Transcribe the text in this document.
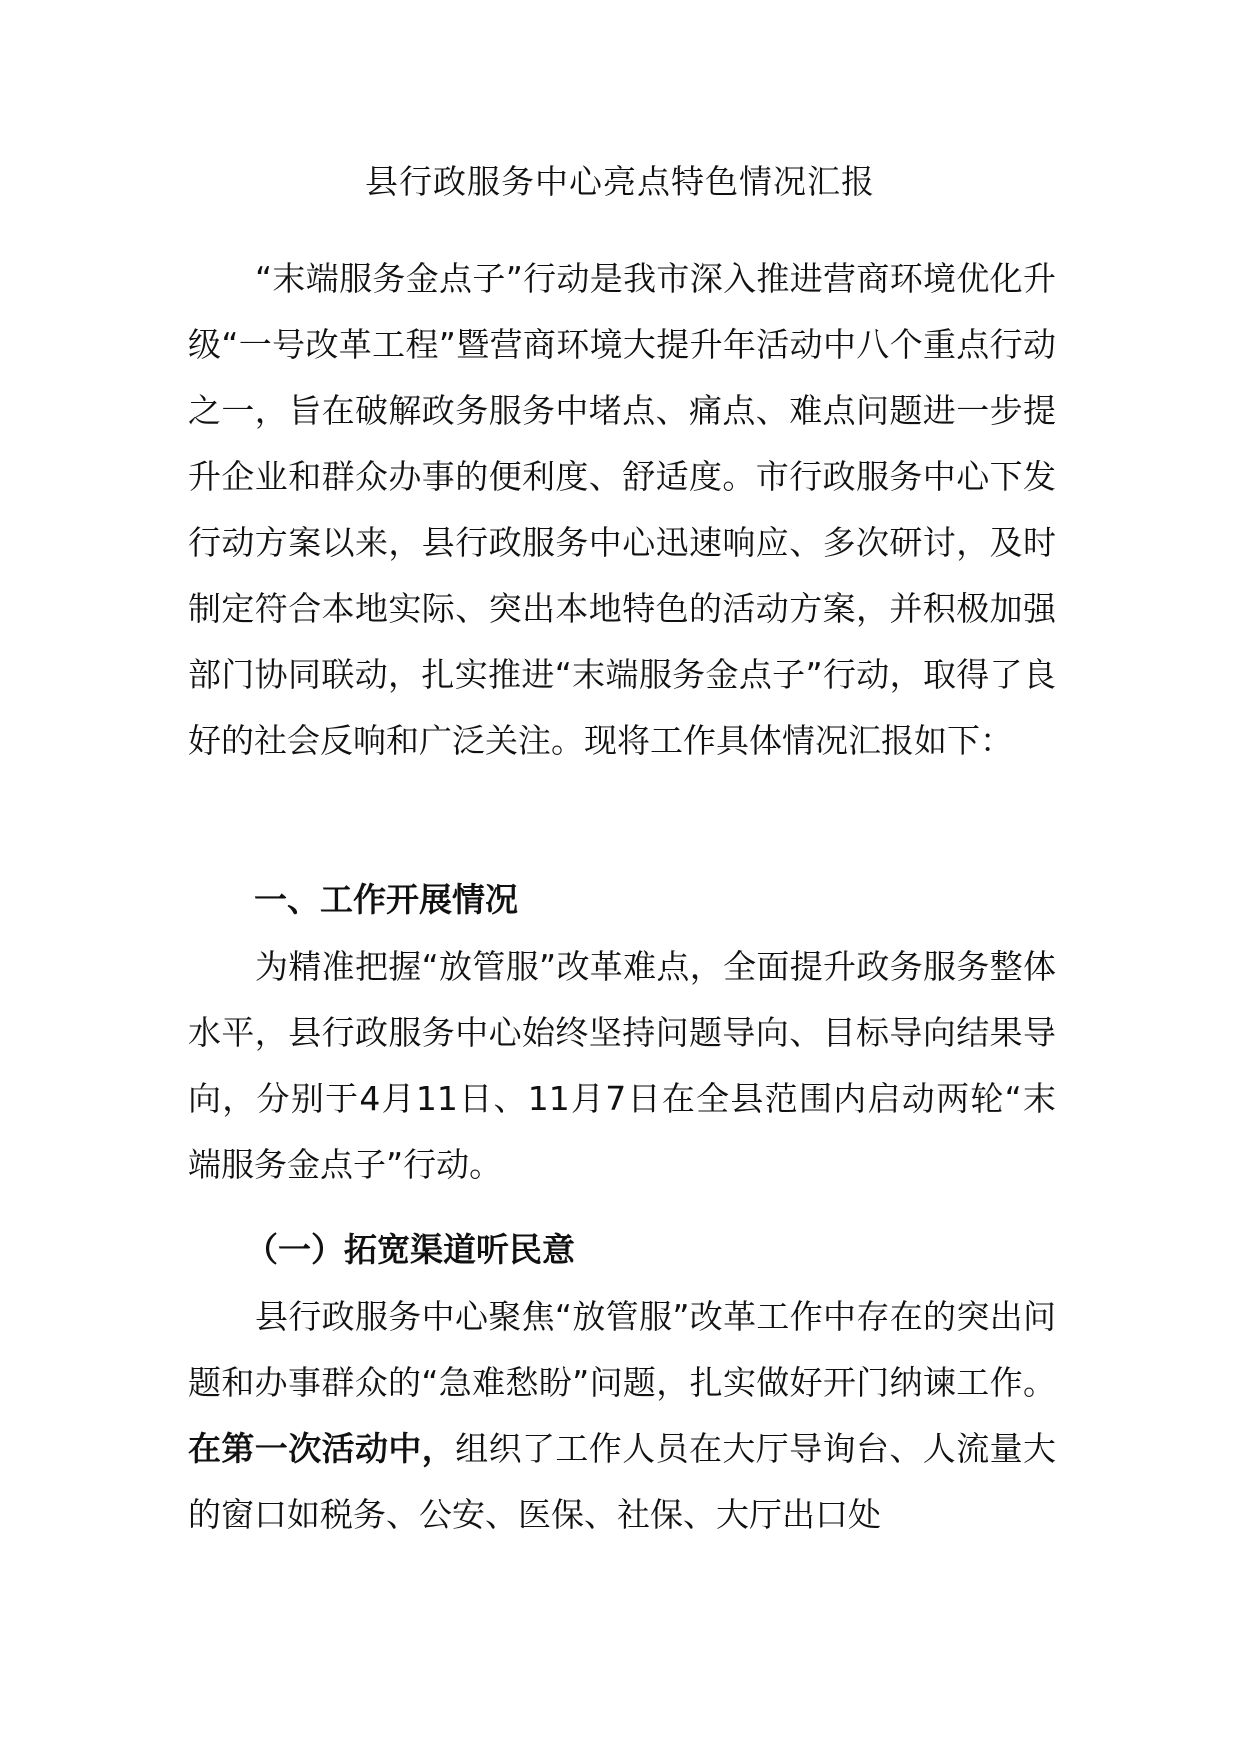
县行政服务中心亮点特色情况汇报

“末端服务金点子”行动是我市深入推进营商环境优化升级“一号改革工程”暨营商环境大提升年活动中八个重点行动之一，旨在破解政务服务中堵点、痛点、难点问题进一步提升企业和群众办事的便利度、舒适度。市行政服务中心下发行动方案以来，县行政服务中心迅速响应、多次研讨，及时制定符合本地实际、突出本地特色的活动方案，并积极加强部门协同联动，扎实推进“末端服务金点子”行动，取得了良好的社会反响和广泛关注。现将工作具体情况汇报如下：

一、工作开展情况

为精准把握“放管服”改革难点，全面提升政务服务整体水平，县行政服务中心始终坚持问题导向、目标导向结果导向，分别于4月11日、11月7日在全县范围内启动两轮“末端服务金点子”行动。

（一）拓宽渠道听民意

县行政服务中心聚焦“放管服”改革工作中存在的突出问题和办事群众的“急难愁盼”问题，扎实做好开门纳谏工作。在第一次活动中，组织了工作人员在大厅导询台、人流量大的窗口如税务、公安、医保、社保、大厅出口处
